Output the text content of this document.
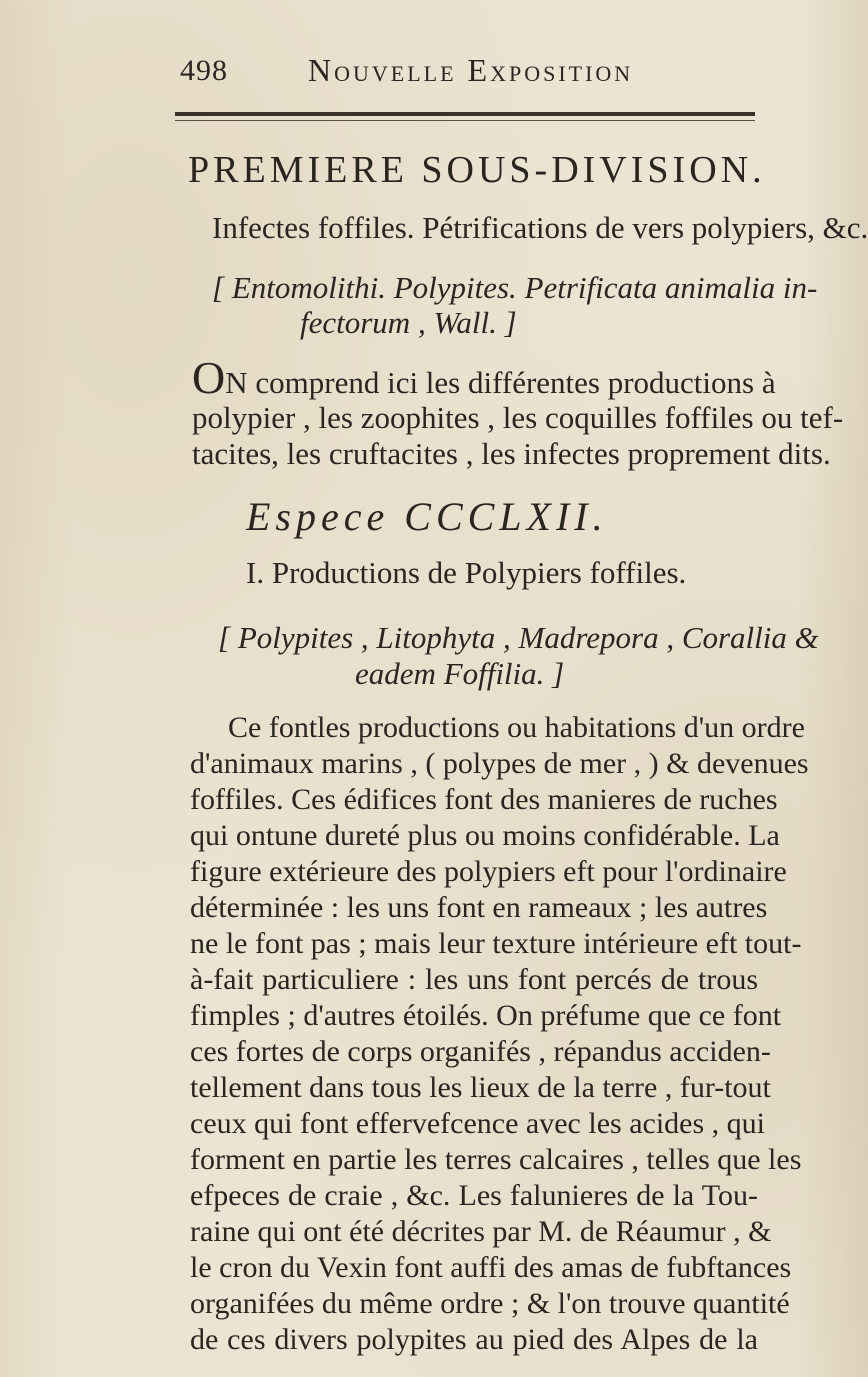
498	Nouvelle Exposition
PREMIERE SOUS-DIVISION.
Infectes foffiles. Pétrifications de vers polypiers, &c.
[ Entomolithi. Polypites. Petrificata animalia in-
fectorum , Wall. ]
ON comprend ici les différentes productions à
polypier , les zoophites , les coquilles foffiles ou tef-
tacites, les cruftacites , les infectes proprement dits.
Espece CCCLXII.
I. Productions de Polypiers foffiles.
[ Polypites , Litophyta , Madrepora , Corallia &
eadem Foffilia. ]
Ce fontles productions ou habitations d'un ordre
d'animaux marins , ( polypes de mer , ) & devenues
foffiles. Ces édifices font des manieres de ruches
qui ontune dureté plus ou moins confidérable. La
figure extérieure des polypiers eft pour l'ordinaire
déterminée : les uns font en rameaux ; les autres
ne le font pas ; mais leur texture intérieure eft tout-
à-fait particuliere : les uns font percés de trous
fimples ; d'autres étoilés. On préfume que ce font
ces fortes de corps organifés , répandus acciden-
tellement dans tous les lieux de la terre , fur-tout
ceux qui font effervefcence avec les acides , qui
forment en partie les terres calcaires , telles que les
efpeces de craie , &c. Les falunieres de la Tou-
raine qui ont été décrites par M. de Réaumur , &
le cron du Vexin font auffi des amas de fubftances
organifées du même ordre ; & l'on trouve quantité
de ces divers polypites au pied des Alpes de la
